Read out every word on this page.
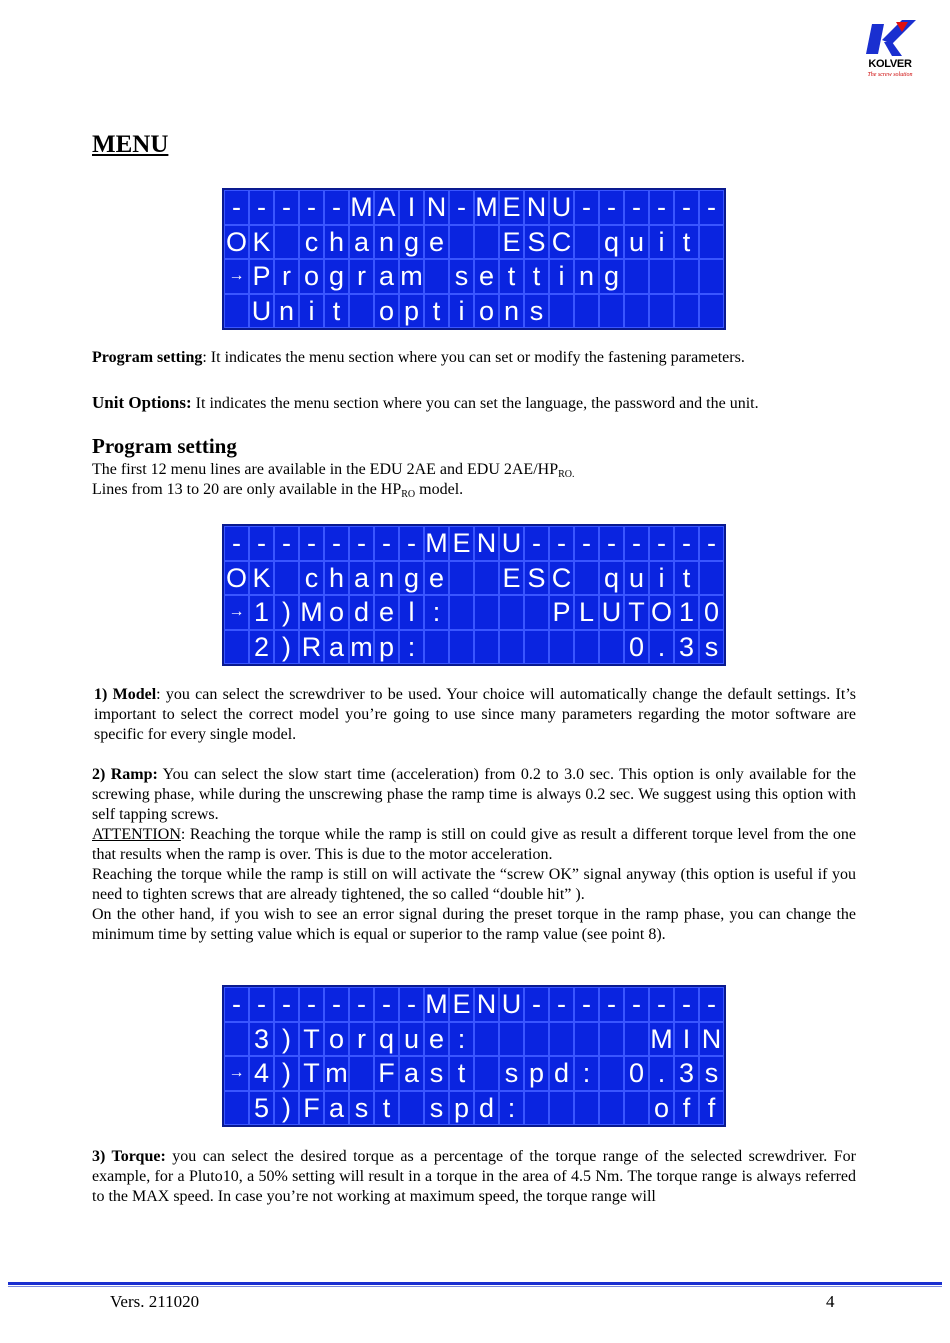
KOLVER
The screw solution
MENU
- - - - - M A I N - M E N U - - - - - -
O K
c h a n g e

E S C
q u i t

→ P r o g r a m
s e t t i n g

U n i t
	o p t i o n s

Program setting: It indicates the menu section where you can set or modify the fastening parameters.

Unit Options: It indicates the menu section where you can set the language, the password and the unit.

Program setting

The first 12 menu lines are available in the EDU 2AE and EDU $2AE/HP_{RO.}$

Lines from 13 to 20 are only available in the $HP_{RO}$ model.

- - - - - - - - M E N U - - - - - - - -
O K
c h a n g e

E S C
q u i t

→ 1 ) M o d e l :

	P L U T O 1 0

2 ) R a m p :

	0 . 3 s

1) Model: you can select the screwdriver to be used. Your choice will automatically change the default settings. It’s important to select the correct model you’re going to use since many parameters regarding the motor software are specific for every single model.

2) Ramp: You can select the slow start time (acceleration) from 0.2 to 3.0 sec. This option is only available for the screwing phase, while during the unscrewing phase the ramp time is always 0.2 sec. We suggest using this option with self tapping screws.
ATTENTION: Reaching the torque while the ramp is still on could give as result a different torque level from the one that results when the ramp is over. This is due to the motor acceleration.
Reaching the torque while the ramp is still on will activate the “screw OK” signal anyway (this option is useful if you need to tighten screws that are already tightened, the so called “double hit” ).
On the other hand, if you wish to see an error signal during the preset torque in the ramp phase, you can change the minimum time by setting value which is equal or superior to the ramp value (see point 8).

- - - - - - - - M E N U - - - - - - - -

3 ) T o r q u e :

	M I N
→ 4 ) T m
F a s t
	s p d :
	0 . 3 s

5 ) F a s t
	s p d :

	o f f

3) Torque: you can select the desired torque as a percentage of the torque range of the selected screwdriver. For example, for a Pluto10, a 50% setting will result in a torque in the area of 4.5 Nm. The torque range is always referred to the MAX speed. In case you’re not working at maximum speed, the torque range will

Vers. 211020	4
